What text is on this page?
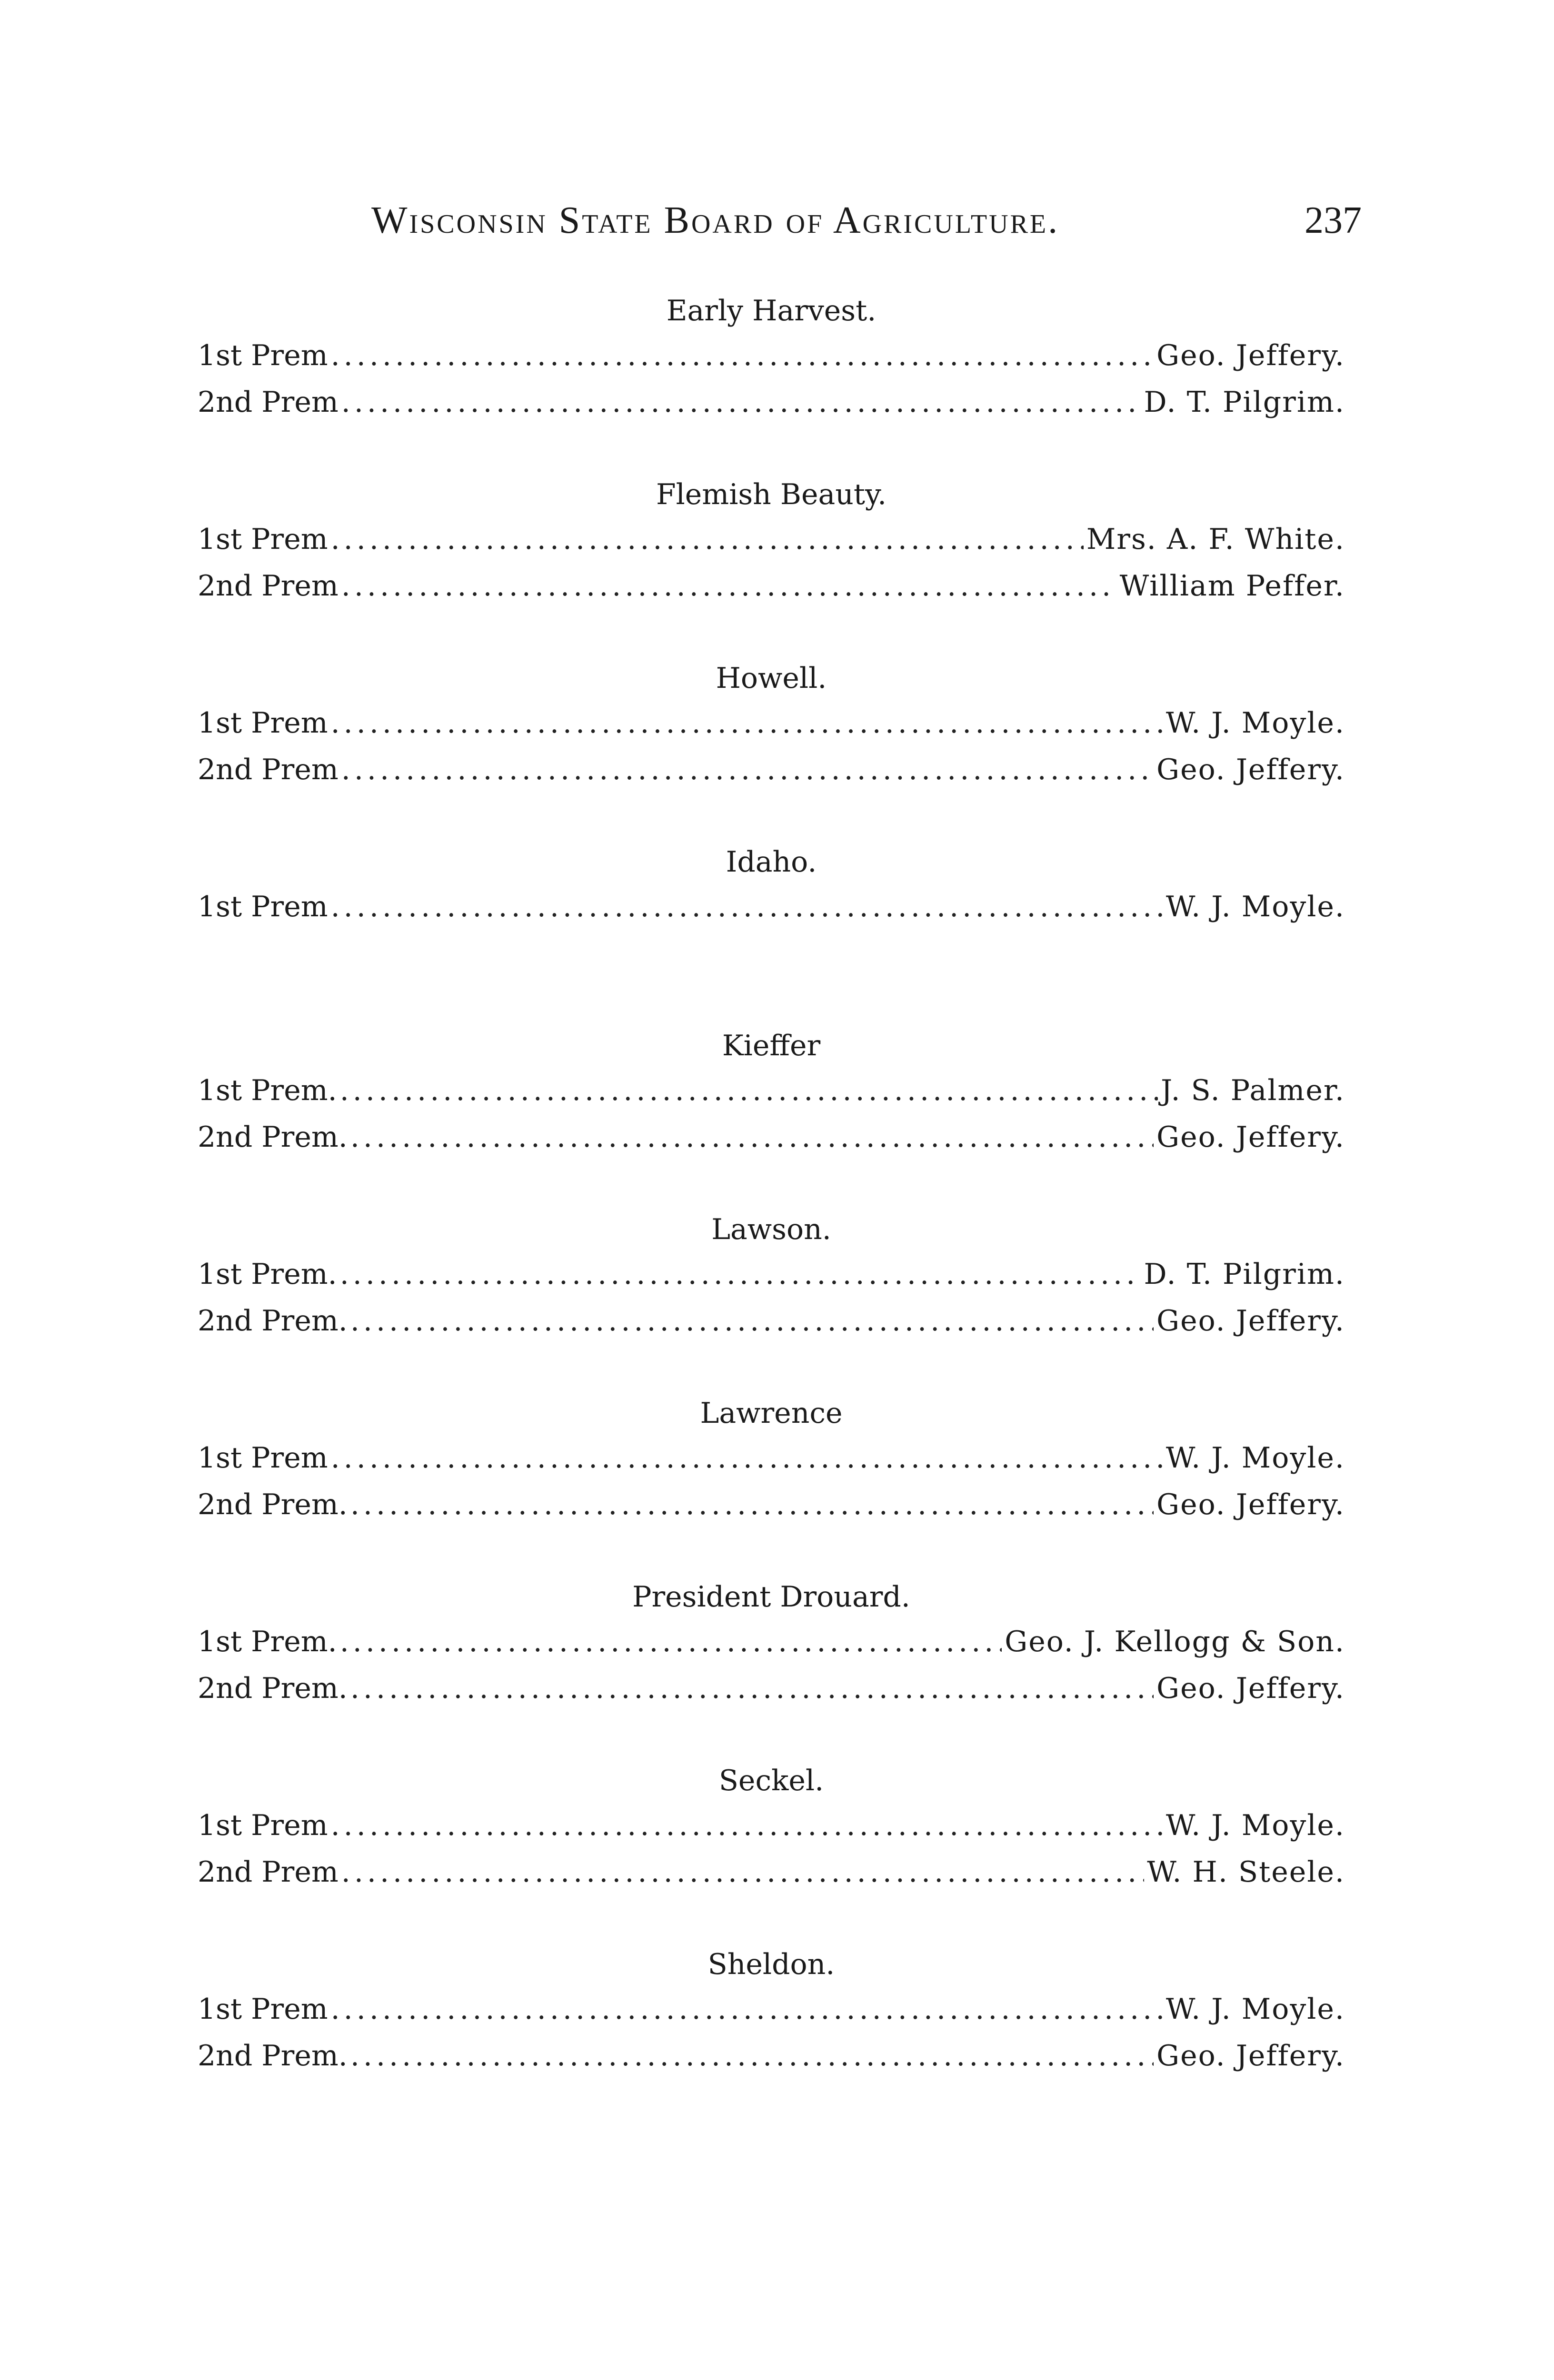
Wisconsin State Board of Agriculture.	237
Early Harvest.
1st Prem .....	Geo. Jeffery.
2nd Prem .....	D. T. Pilgrim.
Flemish Beauty.
1st Prem .....	Mrs. A. F. White.
2nd Prem .....	William Peffer.
Howell.
1st Prem .....	W. J. Moyle.
2nd Prem .....	Geo. Jeffery.
Idaho.
1st Prem .....	W. J. Moyle.
Kieffer
1st Prem. .....	J. S. Palmer.
2nd Prem. .....	Geo. Jeffery.
Lawson.
1st Prem. .....	D. T. Pilgrim.
2nd Prem. .....	Geo. Jeffery.
Lawrence
1st Prem .....	W. J. Moyle.
2nd Prem. .....	Geo. Jeffery.
President Drouard.
1st Prem. .....	Geo. J. Kellogg & Son.
2nd Prem. .....	Geo. Jeffery.
Seckel.
1st Prem .....	W. J. Moyle.
2nd Prem .....	W. H. Steele.
Sheldon.
1st Prem .....	W. J. Moyle.
2nd Prem. .....	Geo. Jeffery.
